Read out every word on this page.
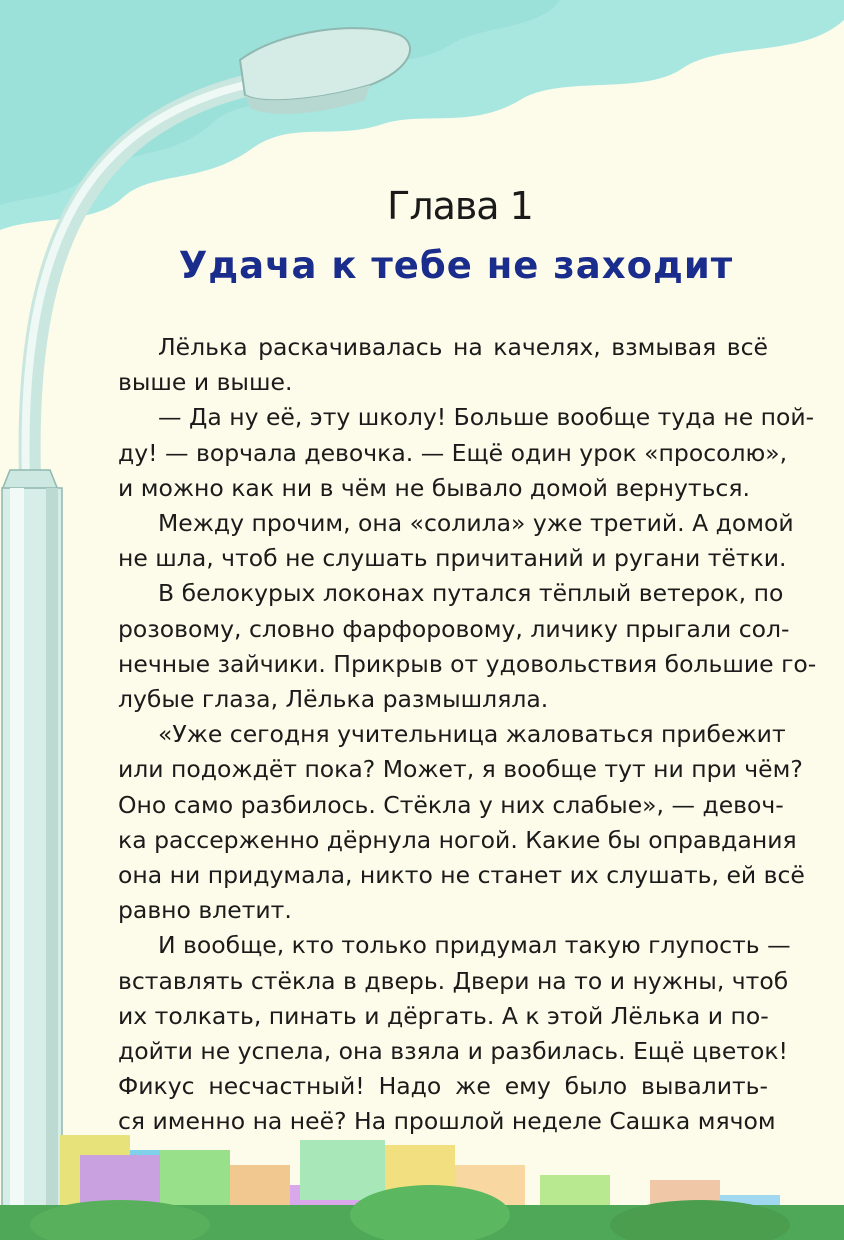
Глава 1
Удача к тебе не заходит
Лёлька раскачивалась на качелях, взмывая всё
выше и выше.
— Да ну её, эту школу! Больше вообще туда не пой-
ду! — ворчала девочка. — Ещё один урок «просолю»,
и можно как ни в чём не бывало домой вернуться.
Между прочим, она «солила» уже третий. А домой
не шла, чтоб не слушать причитаний и ругани тётки.
В белокурых локонах путался тёплый ветерок, по
розовому, словно фарфоровому, личику прыгали сол-
нечные зайчики. Прикрыв от удовольствия большие го-
лубые глаза, Лёлька размышляла.
«Уже сегодня учительница жаловаться прибежит
или подождёт пока? Может, я вообще тут ни при чём?
Оно само разбилось. Стёкла у них слабые», — девоч-
ка рассерженно дёрнула ногой. Какие бы оправдания
она ни придумала, никто не станет их слушать, ей всё
равно влетит.
И вообще, кто только придумал такую глупость —
вставлять стёкла в дверь. Двери на то и нужны, чтоб
их толкать, пинать и дёргать. А к этой Лёлька и по-
дойти не успела, она взяла и разбилась. Ещё цветок!
Фикус несчастный! Надо же ему было вывалить-
ся именно на неё? На прошлой неделе Сашка мячом
